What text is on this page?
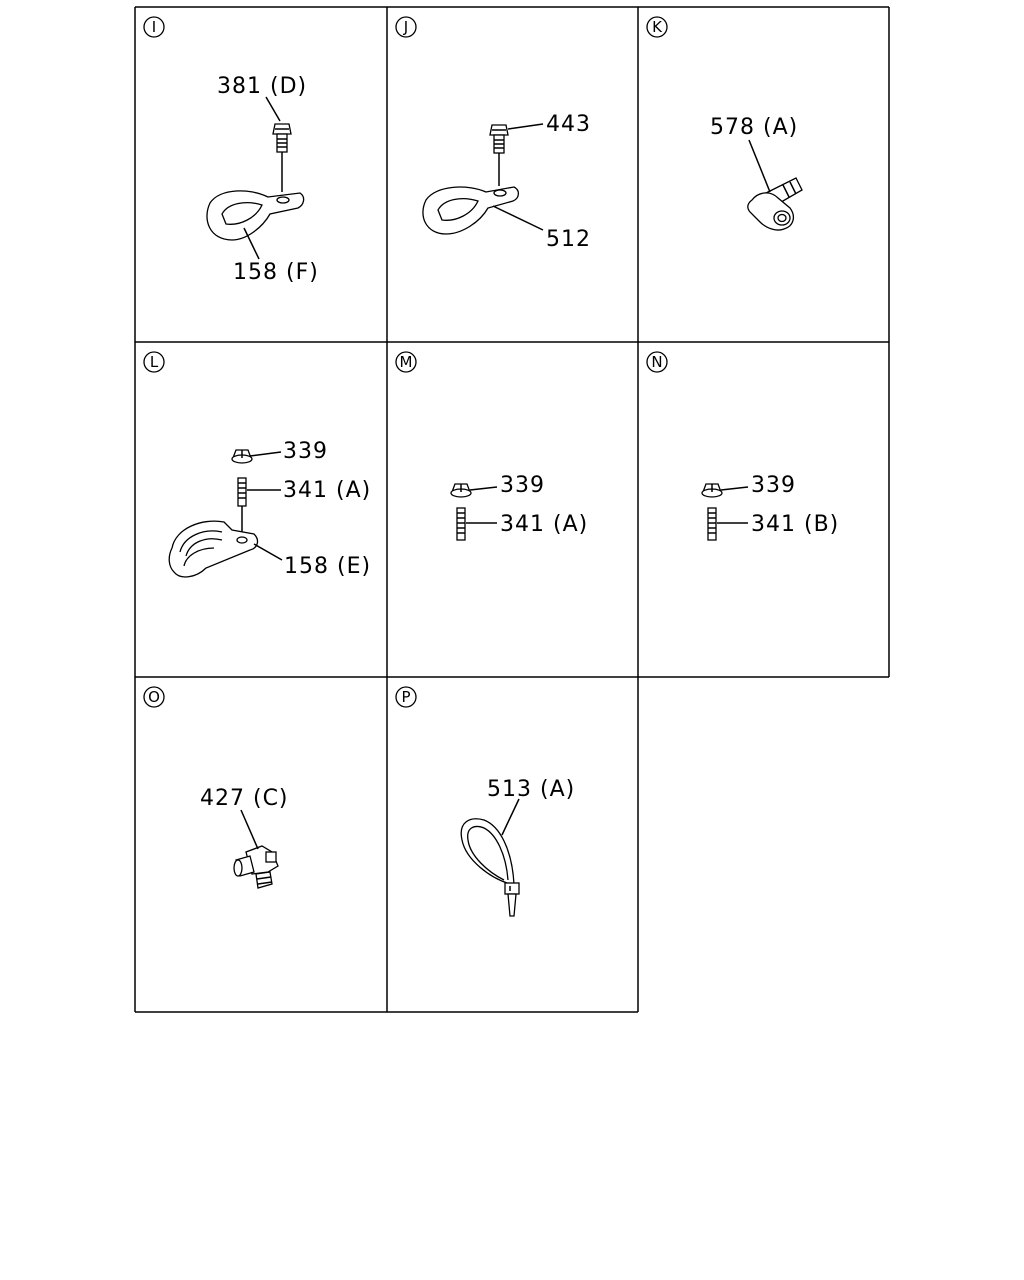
I
381 (D)
158 (F)
J
443
512
K
578 (A)
L
339
341 (A)
158 (E)
M
339
341 (A)
N
339
341 (B)
O
427 (C)
P
513 (A)
